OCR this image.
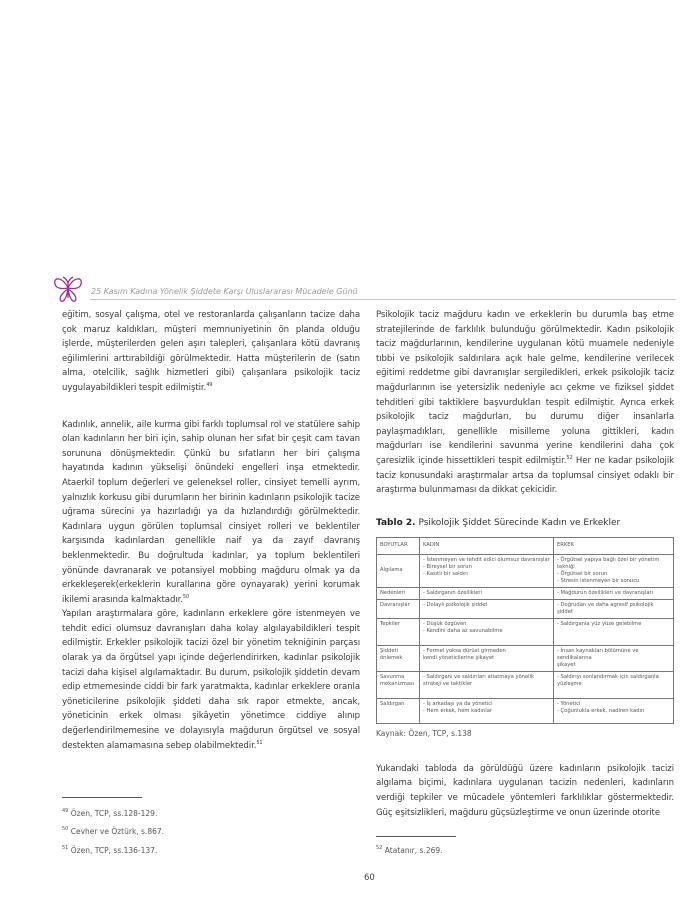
25 Kasım Kadına Yönelik Şiddete Karşı Uluslararası Mücadele Günü

eğitim, sosyal çalışma, otel ve restoranlarda çalışanların tacize daha çok maruz kaldıkları, müşteri memnuniyetinin ön planda olduğu işlerde, müşterilerden gelen aşırı talepleri, çalışanlara kötü davranış eğilimlerini arttırabildiği görülmektedir. Hatta müşterilerin de (satın alma, otelcilik, sağlık hizmetleri gibi) çalışanlara psikolojik taciz uygulayabildikleri tespit edilmiştir.$^{49}$

Kadınlık, annelik, aile kurma gibi farklı toplumsal rol ve statülere sahip olan kadınların her biri için, sahip olunan her sıfat bir çeşit cam tavan sorununa dönüşmektedir. Çünkü bu sıfatların her biri çalışma hayatında kadının yükselişi önündeki engelleri inşa etmektedir. Ataerkil toplum değerleri ve geleneksel roller, cinsiyet temelli ayrım, yalnızlık korkusu gibi durumların her birinin kadınların psikolojik tacize uğrama sürecini ya hazırladığı ya da hızlandırdığı görülmektedir. Kadınlara uygun görülen toplumsal cinsiyet rolleri ve beklentiler karşısında kadınlardan genellikle naif ya da zayıf davranış beklenmektedir. Bu doğrultuda kadınlar, ya toplum beklentileri yönünde davranarak ve potansiyel mobbing mağduru olmak ya da erkekleşerek(erkeklerin kurallarına göre oynayarak) yerini korumak ikilemi arasında kalmaktadır.$^{50}$

Yapılan araştırmalara göre, kadınların erkeklere göre istenmeyen ve tehdit edici olumsuz davranışları daha kolay algılayabildikleri tespit edilmiştir. Erkekler psikolojik tacizi özel bir yönetim tekniğinin parçası olarak ya da örgütsel yapı içinde değerlendirirken, kadınlar psikolojik tacizi daha kişisel algılamaktadır. Bu durum, psikolojik şiddetin devam edip etmemesinde ciddi bir fark yaratmakta, kadınlar erkeklere oranla yöneticilerine psikolojik şiddeti daha sık rapor etmekte, ancak, yöneticinin erkek olması şikâyetin yönetimce ciddiye alınıp değerlendirilmemesine ve dolayısıyla mağdurun örgütsel ve sosyal destekten alamamasına sebep olabilmektedir.$^{51}$

$^{49}$ Özen, TCP, ss.128-129.
$^{50}$ Cevher ve Öztürk, s.867.
$^{51}$ Özen, TCP, ss.136-137.

Psikolojik taciz mağduru kadın ve erkeklerin bu durumla baş etme stratejilerinde de farklılık bulunduğu görülmektedir. Kadın psikolojik taciz mağdurlarının, kendilerine uygulanan kötü muamele nedeniyle tıbbi ve psikolojik saldırılara açık hale gelme, kendilerine verilecek eğitimi reddetme gibi davranışlar sergiledikleri, erkek psikolojik taciz mağdurlarının ise yetersizlik nedeniyle acı çekme ve fiziksel şiddet tehditleri gibi taktiklere başvurdukları tespit edilmiştir. Ayrıca erkek psikolojik taciz mağdurları, bu durumu diğer insanlarla paylaşmadıkları, genellikle misilleme yoluna gittikleri, kadın mağdurları ise kendilerini savunma yerine kendilerini daha çok çaresizlik içinde hissettikleri tespit edilmiştir.$^{52}$ Her ne kadar psikolojik taciz konusundaki araştırmalar artsa da toplumsal cinsiyet odaklı bir araştırma bulunmaması da dikkat çekicidir.

Tablo 2. Psikolojik Şiddet Sürecinde Kadın ve Erkekler
BOYUTLAR	KADIN	ERKEK
Algılama	- İstenmeyen ve tehdit edici olumsuz davranışlar
- Bireysel bir sorun
- Kasıtlı bir saldırı	- Örgütsel yapıya bağlı özel bir yönetim tekniği
- Örgütsel bir sorun
- Stresin istenmeyen bir sonucu
Nedenleri	- Saldırganın özellikleri	- Mağdurun özellikleri ve davranışları
Davranışlar	- Dolaylı psikolojik şiddet	- Doğrudan ve daha agresif psikolojik şiddet
Tepkiler	- Düşük özgüven
- Kendini daha az savunabilme	- Saldırganla yüz yüze gelebilme
Şiddeti önlemek	- Formel yoksa dürüst girmeden
kendi yöneticilerine şikayet	- İnsan kaynakları bölümüne ve sendikalarına
şikayet
Savunma mekanizması	- Saldırganı ve saldırıları atlatmaya yönelik
strateji ve taktikler	- Saldırıyı sonlandırmak için saldırganla
yüzleşme
Saldırgan	- İş arkadaşı ya da yönetici
- Hem erkek, hem kadınlar	- Yönetici
- Çoğunlukla erkek, nadiren kadın
Kaynak: Özen, TCP, s.138

Yukarıdaki tabloda da görüldüğü üzere kadınların psikolojik tacizi algılama biçimi, kadınlara uygulanan tacizin nedenleri, kadınların verdiği tepkiler ve mücadele yöntemleri farklılıklar göstermektedir. Güç eşitsizlikleri, mağduru güçsüzleştirme ve onun üzerinde otorite

$^{52}$ Atatanır, s.269.
60
